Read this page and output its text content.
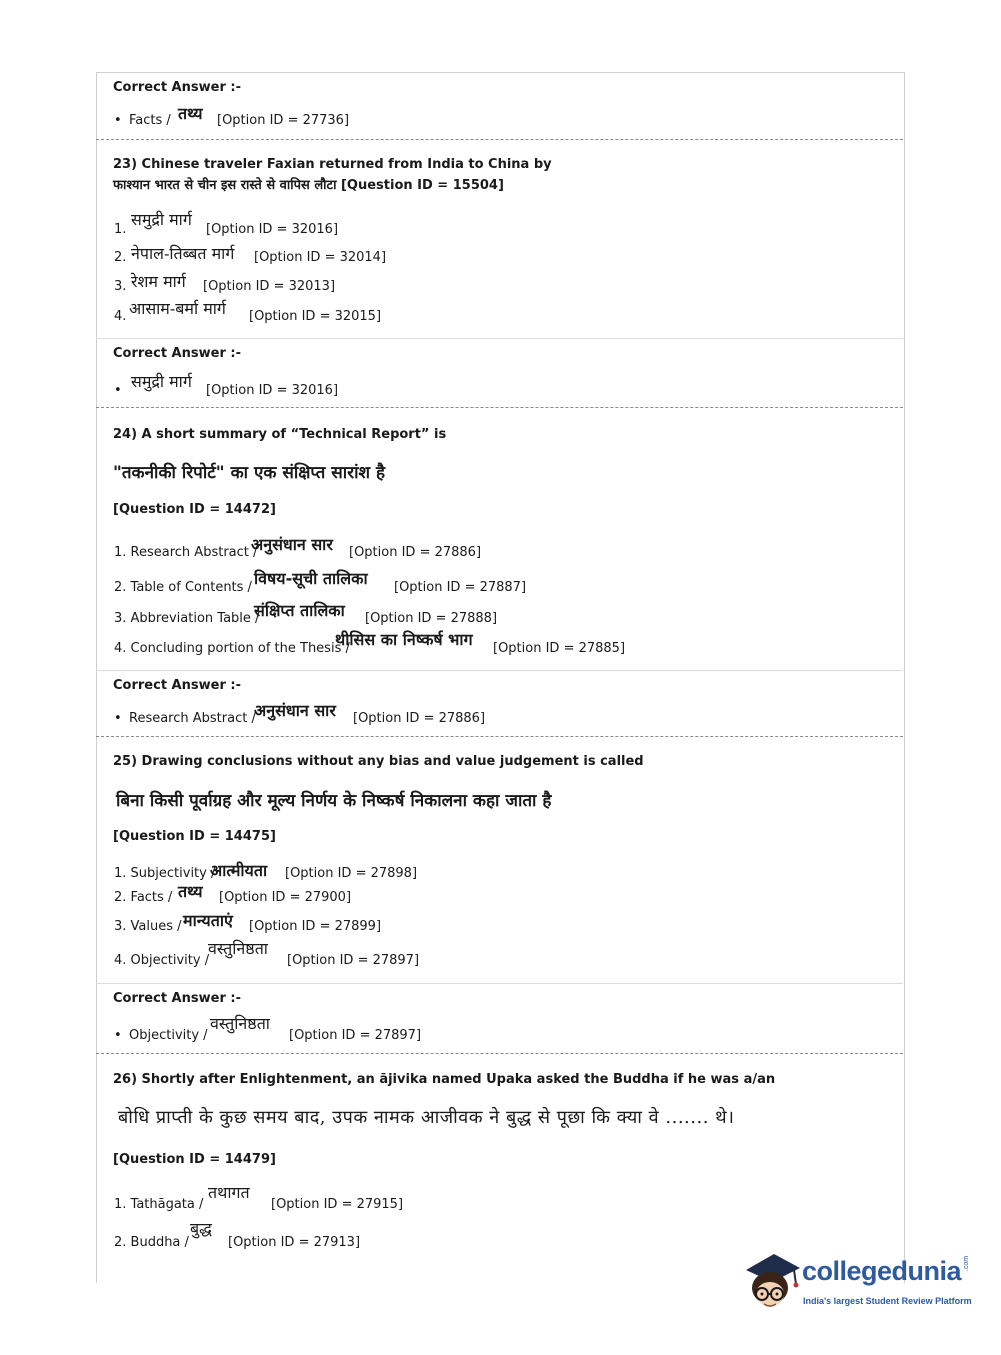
Correct Answer :-
• Facts / तथ्य [Option ID = 27736]
23) Chinese traveler Faxian returned from India to China by
फाश्यान भारत से चीन इस रास्ते से वापिस लौटा [Question ID = 15504]
1.
समुद्री मार्ग
[Option ID = 32016]
2. नेपाल-तिब्बत मार्ग [Option ID = 32014]
3. रेशम मार्ग [Option ID = 32013]
4. आसाम-बर्मा मार्ग [Option ID = 32015]
Correct Answer :-
• समुद्री मार्ग [Option ID = 32016]
24) A short summary of “Technical Report” is
"तकनीकी रिपोर्ट" का एक संक्षिप्त सारांश है
[Question ID = 14472]
1. Research Abstract /
अनुसंधान सार [Option ID = 27886]
2. Table of Contents / विषय-सूची तालिका [Option ID = 27887]
3. Abbreviation Table /
संक्षिप्त तालिका [Option ID = 27888]
4. Concluding portion of the Thesis /
थीसिस का निष्कर्ष भाग [Option ID = 27885]
Correct Answer :-
• Research Abstract /
अनुसंधान सार [Option ID = 27886]
25) Drawing conclusions without any bias and value judgement is called
बिना किसी पूर्वाग्रह और मूल्य निर्णय के निष्कर्ष निकालना कहा जाता है
[Question ID = 14475]
1. Subjectivity /
आत्मीयता [Option ID = 27898]
2. Facts / तथ्य [Option ID = 27900]
3. Values / मान्यताएं [Option ID = 27899]
4. Objectivity /
वस्तुनिष्ठता
[Option ID = 27897]
Correct Answer :-
• Objectivity /
वस्तुनिष्ठता
[Option ID = 27897]
26) Shortly after Enlightenment, an ājivika named Upaka asked the Buddha if he was a/an
बोधि प्राप्ती के कुछ समय बाद, उपक नामक आजीवक ने बुद्ध से पूछा कि क्या वे ....... थे।
[Question ID = 14479]
1. Tathāgata /
तथागत
[Option ID = 27915]
2. Buddha /
बुद्ध
[Option ID = 27913]
collegedunia .com
India's largest Student Review Platform
